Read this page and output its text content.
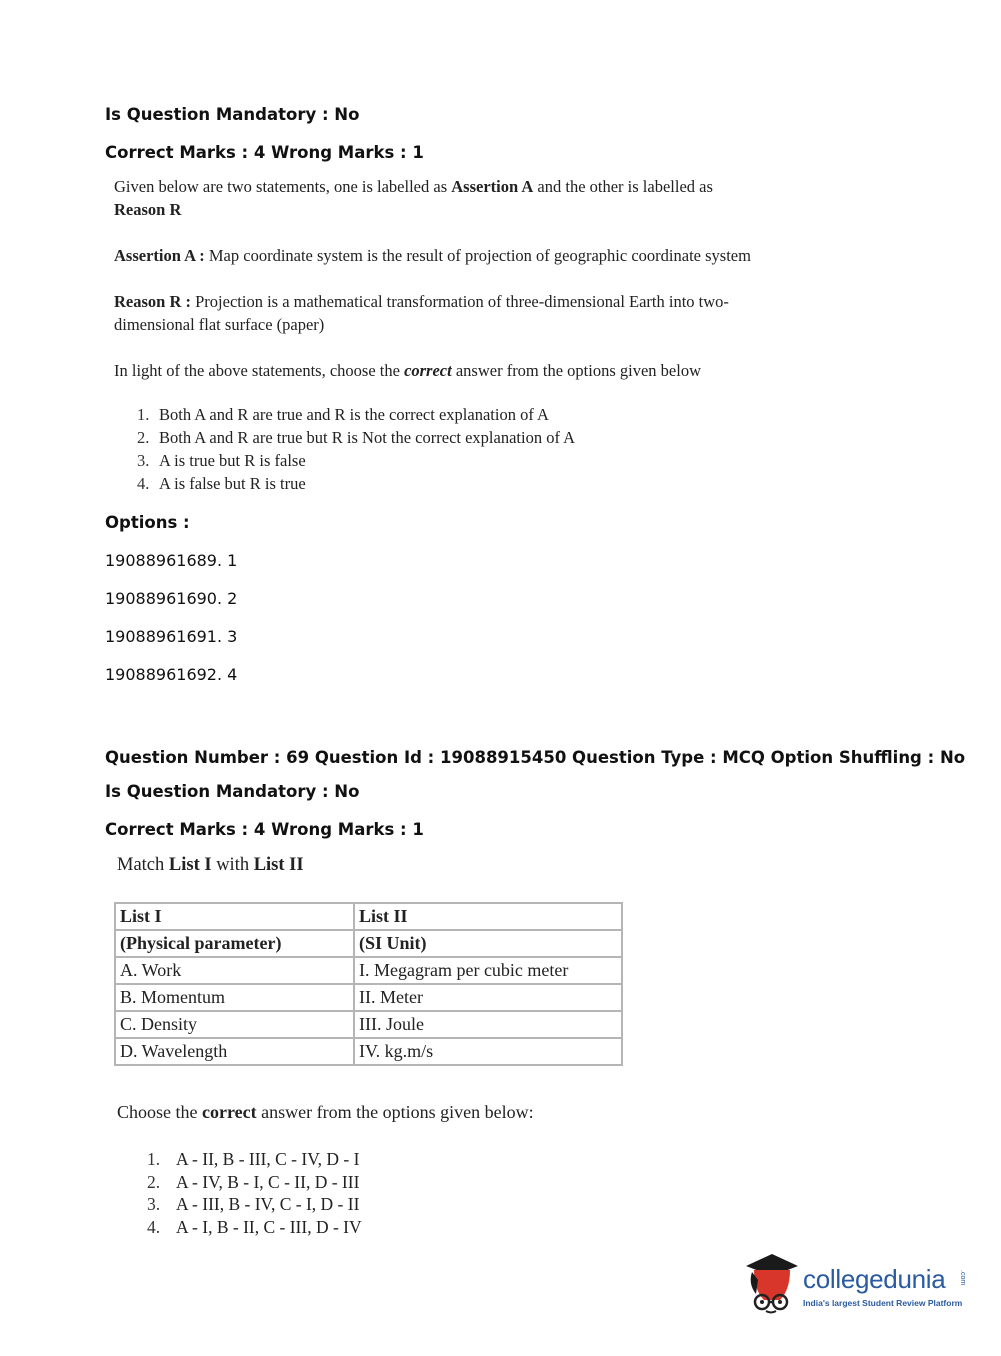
Is Question Mandatory : No
Correct Marks : 4 Wrong Marks : 1
Given below are two statements, one is labelled as Assertion A and the other is labelled as
Reason R
Assertion A : Map coordinate system is the result of projection of geographic coordinate system
Reason R : Projection is a mathematical transformation of three-dimensional Earth into two-
dimensional flat surface (paper)
In light of the above statements, choose the correct answer from the options given below
1. Both A and R are true and R is the correct explanation of A
2. Both A and R are true but R is Not the correct explanation of A
3. A is true but R is false
4. A is false but R is true
Options :
19088961689. 1
19088961690. 2
19088961691. 3
19088961692. 4
Question Number : 69 Question Id : 19088915450 Question Type : MCQ Option Shuffling : No
Is Question Mandatory : No
Correct Marks : 4 Wrong Marks : 1
Match List I with List II
List I	List II
(Physical parameter)	(SI Unit)
A. Work	I. Megagram per cubic meter
B. Momentum	II. Meter
C. Density	III. Joule
D. Wavelength	IV. kg.m/s
Choose the correct answer from the options given below:
1. A - II, B - III, C - IV, D - I
2. A - IV, B - I, C - II, D - III
3. A - III, B - IV, C - I, D - II
4. A - I, B - II, C - III, D - IV
collegedunia .com
India's largest Student Review Platform
